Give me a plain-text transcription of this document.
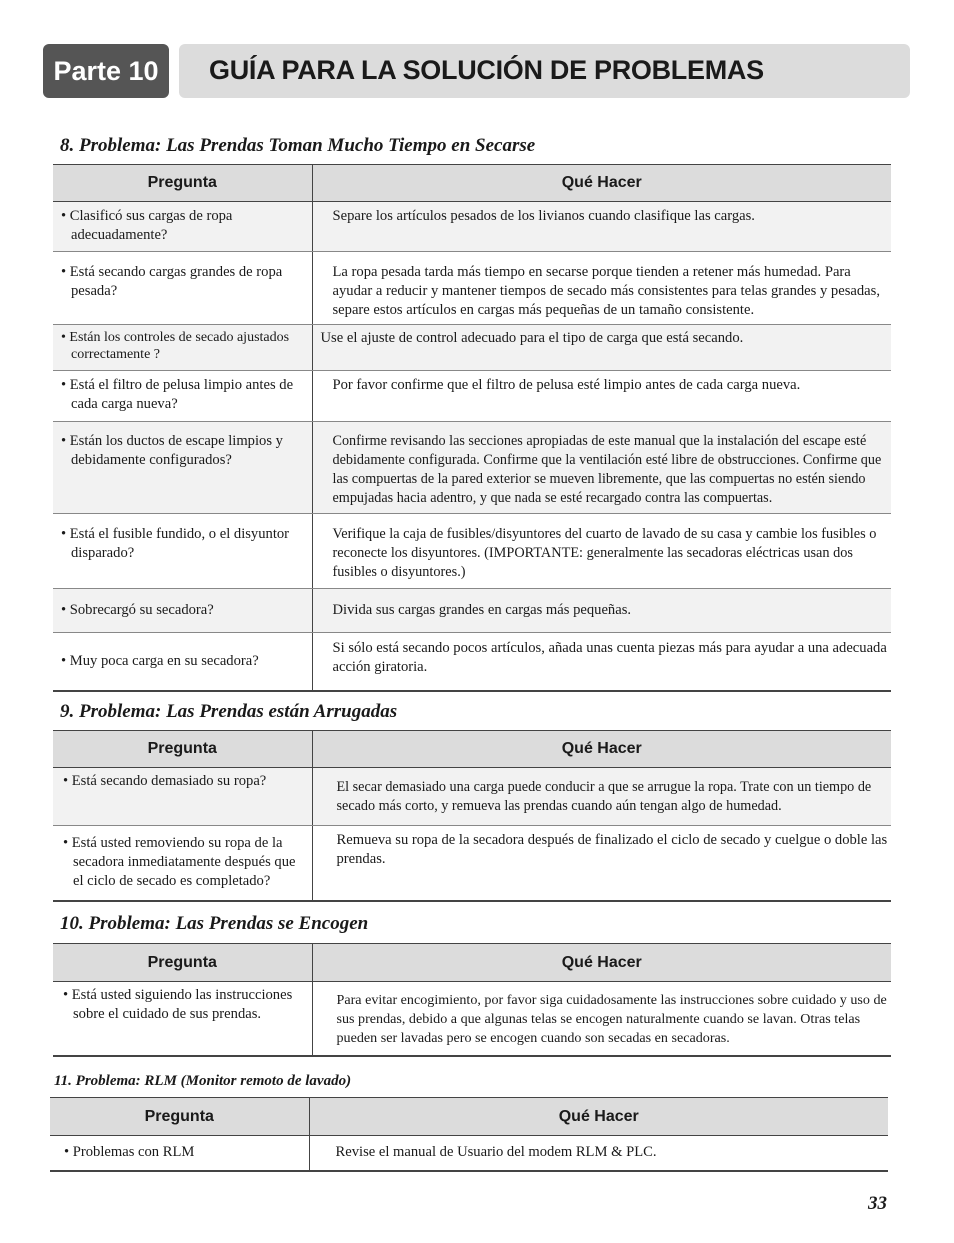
Parte 10	GUÍA PARA LA SOLUCIÓN DE PROBLEMAS
8. Problema: Las Prendas Toman Mucho Tiempo en Secarse
Pregunta	Qué Hacer

• Clasificó sus cargas de ropa adecuadamente?	Separe los artículos pesados de los livianos cuando clasifique las cargas.

• Está secando cargas grandes de ropa pesada?	La ropa pesada tarda más tiempo en secarse porque tienden a retener más humedad. Para ayudar a reducir y mantener tiempos de secado más consistentes para telas grandes y pesadas, separe estos artículos en cargas más pequeñas de un tamaño consistente.

• Están los controles de secado ajustados correctamente ?	Use el ajuste de control adecuado para el tipo de carga que está secando.

• Está el filtro de pelusa limpio antes de cada carga nueva?	Por favor confirme que el filtro de pelusa esté limpio antes de cada carga nueva.

• Están los ductos de escape limpios y debidamente configurados?	Confirme revisando las secciones apropiadas de este manual que la instalación del escape esté debidamente configurada. Confirme que la ventilación esté libre de obstrucciones. Confirme que las compuertas de la pared exterior se mueven libremente, que las compuertas no estén siendo empujadas hacia adentro, y que nada se esté recargado contra las compuertas.

• Está el fusible fundido, o el disyuntor disparado?	Verifique la caja de fusibles/disyuntores del cuarto de lavado de su casa y cambie los fusibles o reconecte los disyuntores. (IMPORTANTE: generalmente las secadoras eléctricas usan dos fusibles o disyuntores.)

• Sobrecargó su secadora?	Divida sus cargas grandes en cargas más pequeñas.

• Muy poca carga en su secadora?	Si sólo está secando pocos artículos, añada unas cuenta piezas más para ayudar a una adecuada acción giratoria.
9. Problema: Las Prendas están Arrugadas
Pregunta	Qué Hacer

• Está secando demasiado su ropa?	El secar demasiado una carga puede conducir a que se arrugue la ropa. Trate con un tiempo de secado más corto, y remueva las prendas cuando aún tengan algo de humedad.

• Está usted removiendo su ropa de la secadora inmediatamente después que el ciclo de secado es completado?	Remueva su ropa de la secadora después de finalizado el ciclo de secado y cuelgue o doble las prendas.
10. Problema: Las Prendas se Encogen
Pregunta	Qué Hacer

• Está usted siguiendo las instrucciones sobre el cuidado de sus prendas.	Para evitar encogimiento, por favor siga cuidadosamente las instrucciones sobre cuidado y uso de sus prendas, debido a que algunas telas se encogen naturalmente cuando se lavan. Otras telas pueden ser lavadas pero se encogen cuando son secadas en secadoras.
11. Problema: RLM (Monitor remoto de lavado)
Pregunta	Qué Hacer

• Problemas con RLM	Revise el manual de Usuario del modem RLM & PLC.
33
